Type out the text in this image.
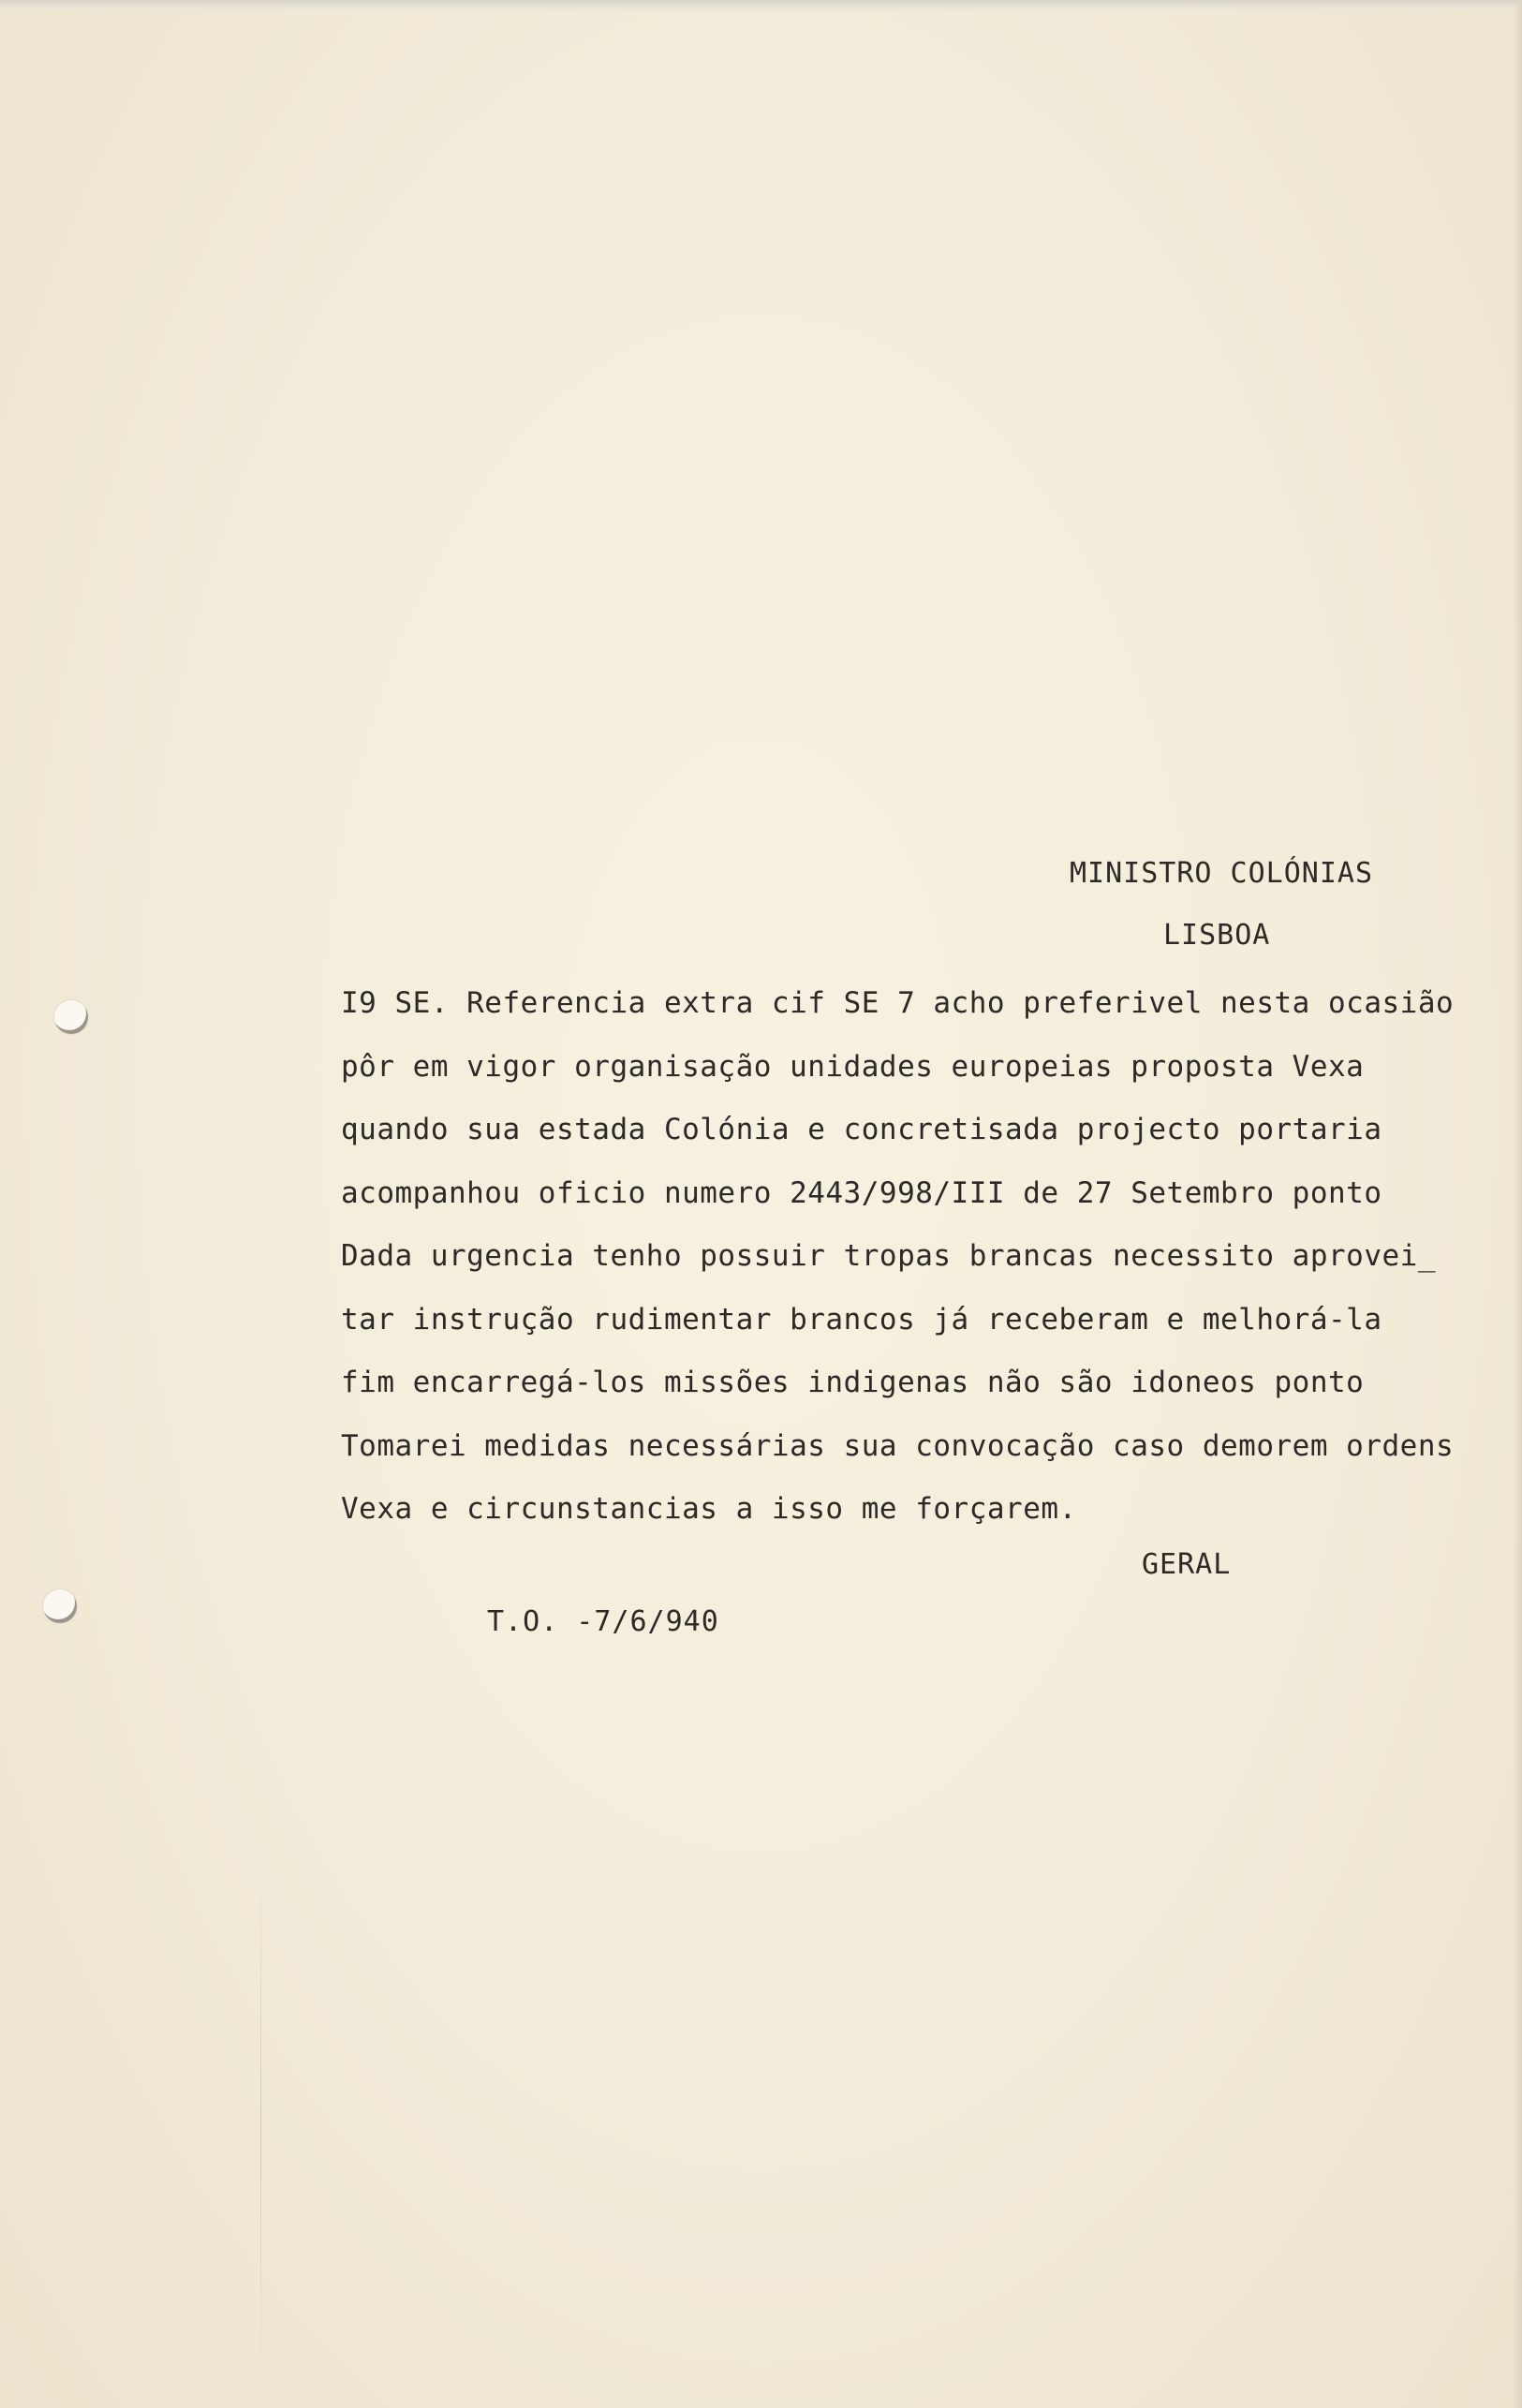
MINISTRO COLÓNIAS
LISBOA
I9 SE. Referencia extra cif SE 7 acho preferivel nesta ocasião
pôr em vigor organisação unidades europeias proposta Vexa
quando sua estada Colónia e concretisada projecto portaria
acompanhou oficio numero 2443/998/III de 27 Setembro ponto
Dada urgencia tenho possuir tropas brancas necessito aprovei_
tar instrução rudimentar brancos já receberam e melhorá-la
fim encarregá-los missões indigenas não são idoneos ponto
Tomarei medidas necessárias sua convocação caso demorem ordens
Vexa e circunstancias a isso me forçarem.
GERAL
T.O. -7/6/940
